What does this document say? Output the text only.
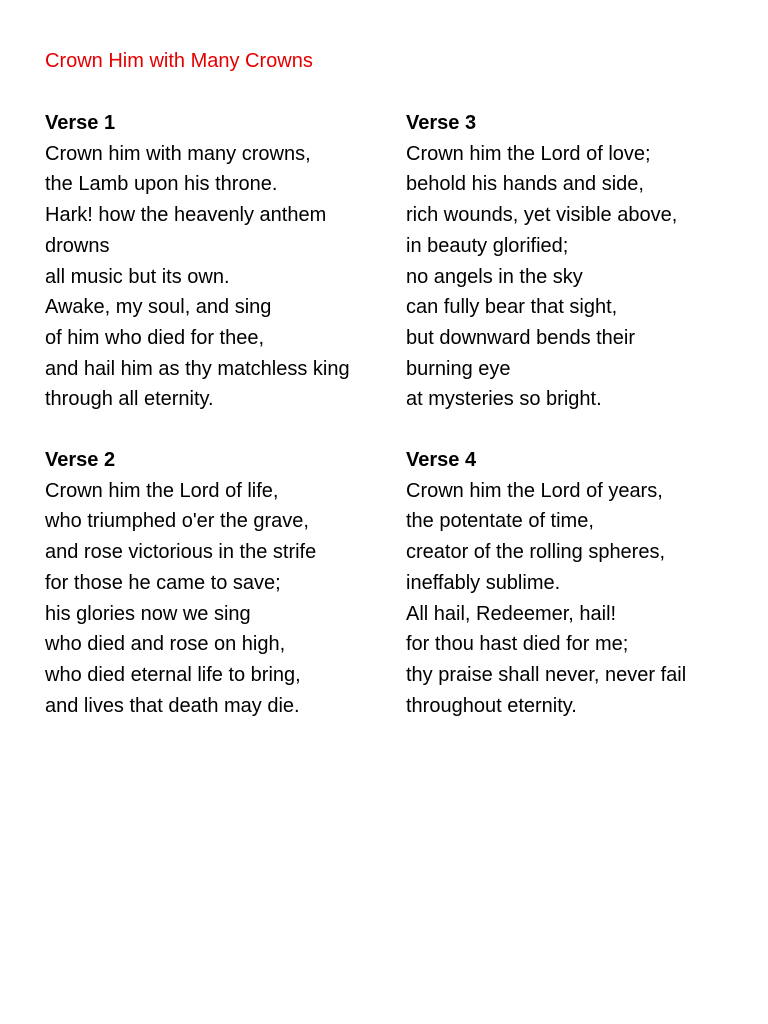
Crown Him with Many Crowns
Verse 1
Crown him with many crowns,
the Lamb upon his throne.
Hark! how the heavenly anthem
drowns
all music but its own.
Awake, my soul, and sing
of him who died for thee,
and hail him as thy matchless king
through all eternity.
Verse 2
Crown him the Lord of life,
who triumphed o'er the grave,
and rose victorious in the strife
for those he came to save;
his glories now we sing
who died and rose on high,
who died eternal life to bring,
and lives that death may die.
Verse 3
Crown him the Lord of love;
behold his hands and side,
rich wounds, yet visible above,
in beauty glorified;
no angels in the sky
can fully bear that sight,
but downward bends their
burning eye
at mysteries so bright.
Verse 4
Crown him the Lord of years,
the potentate of time,
creator of the rolling spheres,
ineffably sublime.
All hail, Redeemer, hail!
for thou hast died for me;
thy praise shall never, never fail
throughout eternity.
